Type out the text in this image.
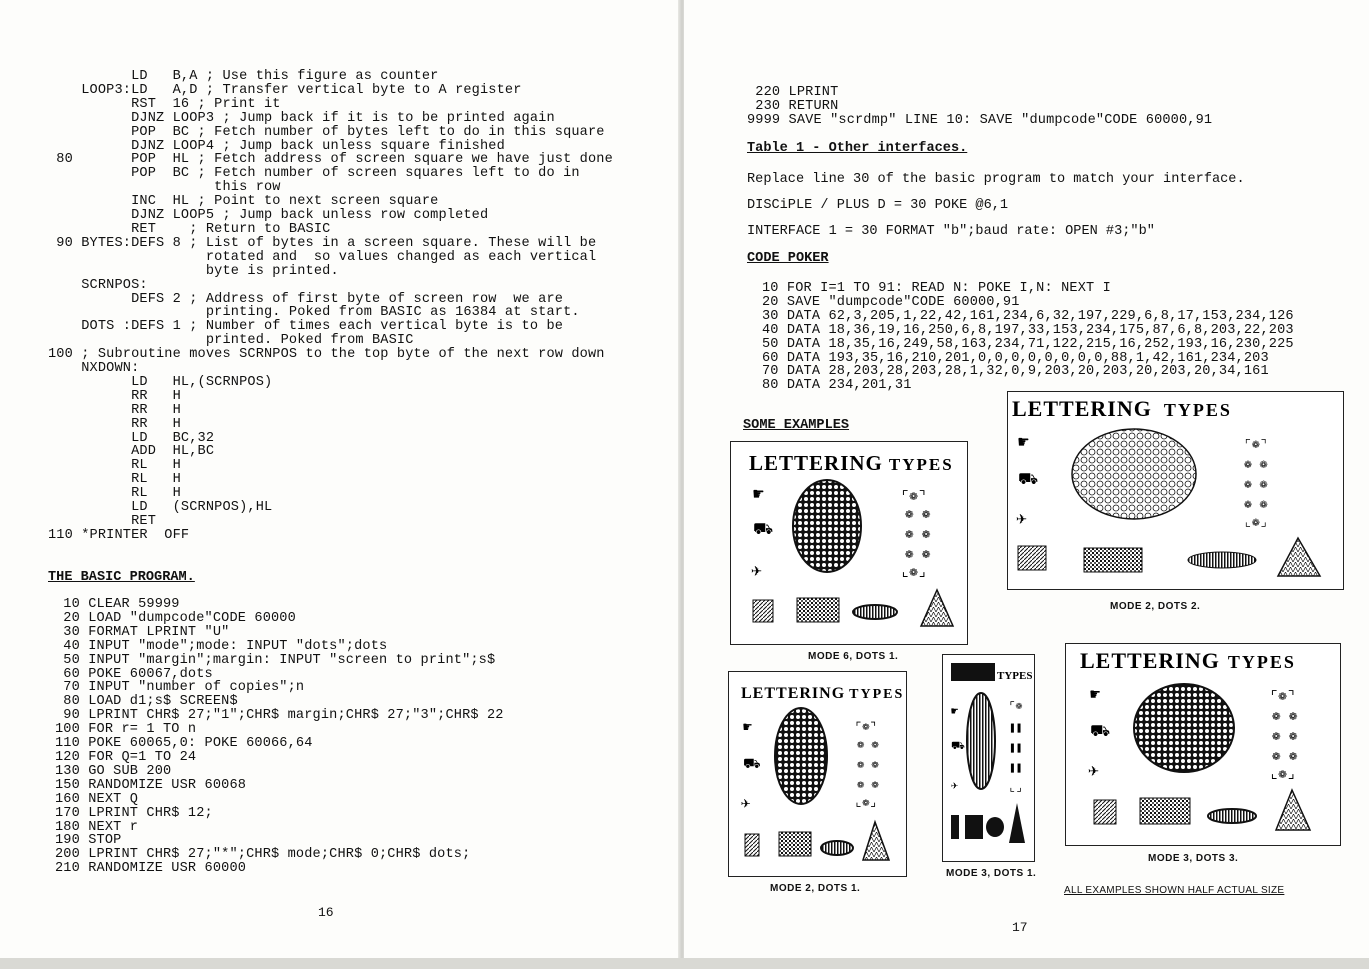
LD   B,A ; Use this figure as counter
LOOP3:LD   A,D ; Transfer vertical byte to A register
RST  16 ; Print it
DJNZ LOOP3 ; Jump back if it is to be printed again
POP  BC ; Fetch number of bytes left to do in this square
DJNZ LOOP4 ; Jump back unless square finished
80       POP  HL ; Fetch address of screen square we have just done
POP  BC ; Fetch number of screen squares left to do in
this row
INC  HL ; Point to next screen square
DJNZ LOOP5 ; Jump back unless row completed
RET    ; Return to BASIC
90 BYTES:DEFS 8 ; List of bytes in a screen square. These will be
rotated and  so values changed as each vertical
byte is printed.
SCRNPOS:
DEFS 2 ; Address of first byte of screen row  we are
printing. Poked from BASIC as 16384 at start.
DOTS :DEFS 1 ; Number of times each vertical byte is to be
printed. Poked from BASIC
100 ; Subroutine moves SCRNPOS to the top byte of the next row down
NXDOWN:
LD   HL,(SCRNPOS)
RR   H
RR   H
RR   H
LD   BC,32
ADD  HL,BC
RL   H
RL   H
RL   H
LD   (SCRNPOS),HL
RET
110 *PRINTER  OFF
THE BASIC PROGRAM.
10 CLEAR 59999
20 LOAD "dumpcode"CODE 60000
30 FORMAT LPRINT "U"
40 INPUT "mode";mode: INPUT "dots";dots
50 INPUT "margin";margin: INPUT "screen to print";s$
60 POKE 60067,dots
70 INPUT "number of copies";n
80 LOAD d1;s$ SCREEN$
90 LPRINT CHR$ 27;"1";CHR$ margin;CHR$ 27;"3";CHR$ 22
100 FOR r= 1 TO n
110 POKE 60065,0: POKE 60066,64
120 FOR Q=1 TO 24
130 GO SUB 200
150 RANDOMIZE USR 60068
160 NEXT Q
170 LPRINT CHR$ 12;
180 NEXT r
190 STOP
200 LPRINT CHR$ 27;"*";CHR$ mode;CHR$ 0;CHR$ dots;
210 RANDOMIZE USR 60000
16
220 LPRINT
230 RETURN
9999 SAVE "scrdmp" LINE 10: SAVE "dumpcode"CODE 60000,91
Table 1 - Other interfaces.
Replace line 30 of the basic program to match your interface.
DISCiPLE / PLUS D = 30 POKE @6,1
INTERFACE 1 = 30 FORMAT "b";baud rate: OPEN #3;"b"
CODE POKER
10 FOR I=1 TO 91: READ N: POKE I,N: NEXT I
20 SAVE "dumpcode"CODE 60000,91
30 DATA 62,3,205,1,22,42,161,234,6,32,197,229,6,8,17,153,234,126
40 DATA 18,36,19,16,250,6,8,197,33,153,234,175,87,6,8,203,22,203
50 DATA 18,35,16,249,58,163,234,71,122,215,16,252,193,16,230,225
60 DATA 193,35,16,210,201,0,0,0,0,0,0,0,0,88,1,42,161,234,203
70 DATA 28,203,28,203,28,1,32,0,9,203,20,203,20,203,20,34,161
80 DATA 234,201,31
SOME EXAMPLES
LETTERING TYPES
☛
⛟
✈
⌜❁⌝
❁ ❁
❁ ❁
❁ ❁
⌞❁⌟
MODE 6, DOTS 1.
LETTERING TYPES
☛
⛟
✈
⌜❁⌝
❁ ❁
❁ ❁
❁ ❁
⌞❁⌟
MODE 2, DOTS 2.
LETTERING TYPES
☛
⛟
✈
⌜❁⌝
❁ ❁
❁ ❁
❁ ❁
⌞❁⌟
MODE 2, DOTS 1.
TYPES
☛
⛟
✈
⌜❁
❚❚
❚❚
❚❚
⌞⌟
MODE 3, DOTS 1.
LETTERING TYPES
☛
⛟
✈
⌜❁⌝
❁ ❁
❁ ❁
❁ ❁
⌞❁⌟
MODE 3, DOTS 3.
ALL EXAMPLES SHOWN HALF ACTUAL SIZE
17
